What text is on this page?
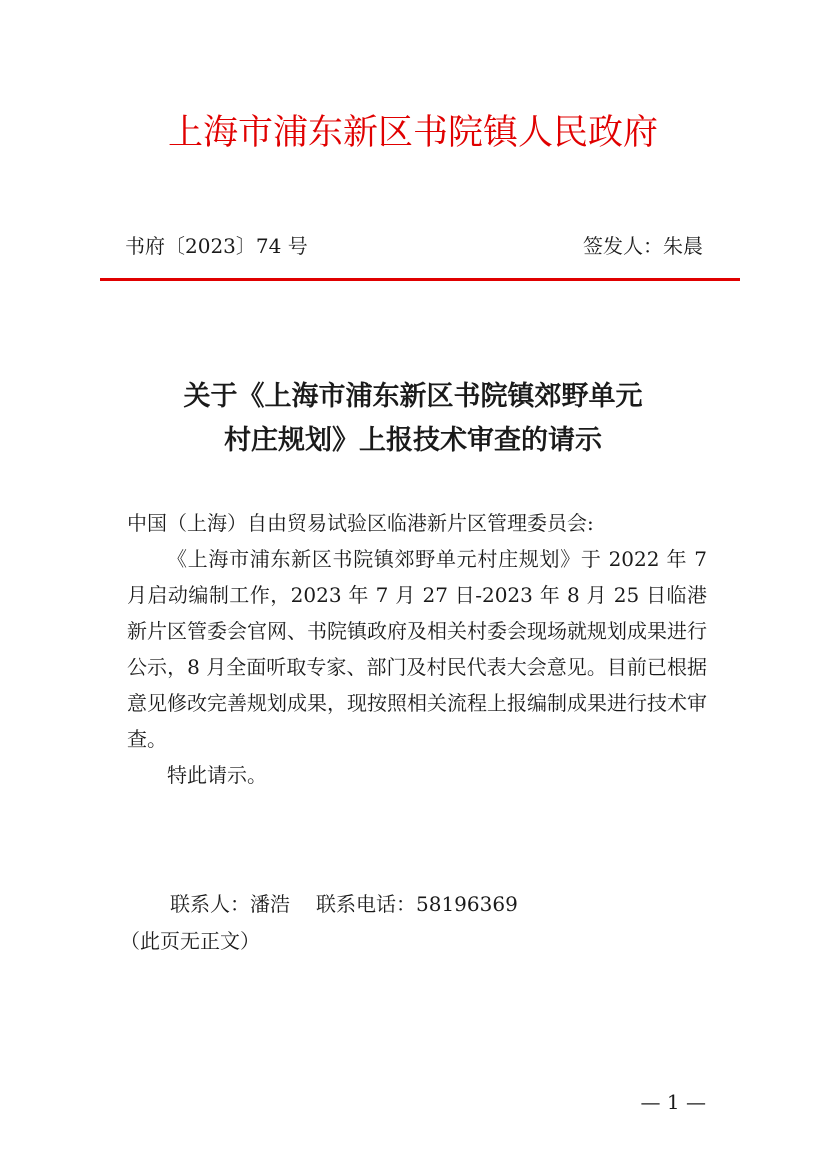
上海市浦东新区书院镇人民政府
书府〔2023〕74 号	签发人：朱晨
关于《上海市浦东新区书院镇郊野单元
村庄规划》上报技术审查的请示
中国（上海）自由贸易试验区临港新片区管理委员会:
《上海市浦东新区书院镇郊野单元村庄规划》于 2022 年 7 月启动编制工作，2023 年 7 月 27 日-2023 年 8 月 25 日临港新片区管委会官网、书院镇政府及相关村委会现场就规划成果进行公示，8 月全面听取专家、部门及村民代表大会意见。目前已根据意见修改完善规划成果，现按照相关流程上报编制成果进行技术审查。
特此请示。
联系人：潘浩 联系电话：58196369
（此页无正文）
— 1 —
